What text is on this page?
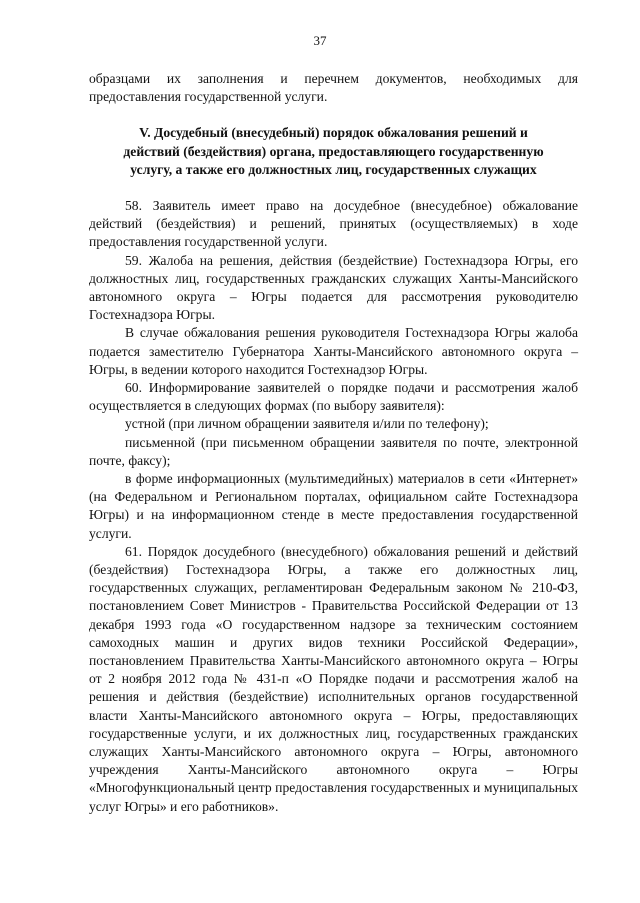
37

образцами их заполнения и перечнем документов, необходимых для предоставления государственной услуги.

V. Досудебный (внесудебный) порядок обжалования решений и
действий (бездействия) органа, предоставляющего государственную
услугу, а также его должностных лиц, государственных служащих

58. Заявитель имеет право на досудебное (внесудебное) обжалование действий (бездействия) и решений, принятых (осуществляемых) в ходе предоставления государственной услуги.

59. Жалоба на решения, действия (бездействие) Гостехнадзора Югры, его должностных лиц, государственных гражданских служащих Ханты-Мансийского автономного округа – Югры подается для рассмотрения руководителю Гостехнадзора Югры.

В случае обжалования решения руководителя Гостехнадзора Югры жалоба подается заместителю Губернатора Ханты-Мансийского автономного округа – Югры, в ведении которого находится Гостехнадзор Югры.

60. Информирование заявителей о порядке подачи и рассмотрения жалоб осуществляется в следующих формах (по выбору заявителя):

устной (при личном обращении заявителя и/или по телефону);

письменной (при письменном обращении заявителя по почте, электронной почте, факсу);

в форме информационных (мультимедийных) материалов в сети «Интернет» (на Федеральном и Региональном порталах, официальном сайте Гостехнадзора Югры) и на информационном стенде в месте предоставления государственной услуги.

61. Порядок досудебного (внесудебного) обжалования решений и действий (бездействия) Гостехнадзора Югры, а также его должностных лиц, государственных служащих, регламентирован Федеральным законом № 210-ФЗ, постановлением Совет Министров - Правительства Российской Федерации от 13 декабря 1993 года «О государственном надзоре за техническим состоянием самоходных машин и других видов техники Российской Федерации», постановлением Правительства Ханты-Мансийского автономного округа – Югры от 2 ноября 2012 года № 431-п «О Порядке подачи и рассмотрения жалоб на решения и действия (бездействие) исполнительных органов государственной власти Ханты-Мансийского автономного округа – Югры, предоставляющих государственные услуги, и их должностных лиц, государственных гражданских служащих Ханты-Мансийского автономного округа – Югры, автономного учреждения Ханты-Мансийского автономного округа – Югры «Многофункциональный центр предоставления государственных и муниципальных услуг Югры» и его работников».
